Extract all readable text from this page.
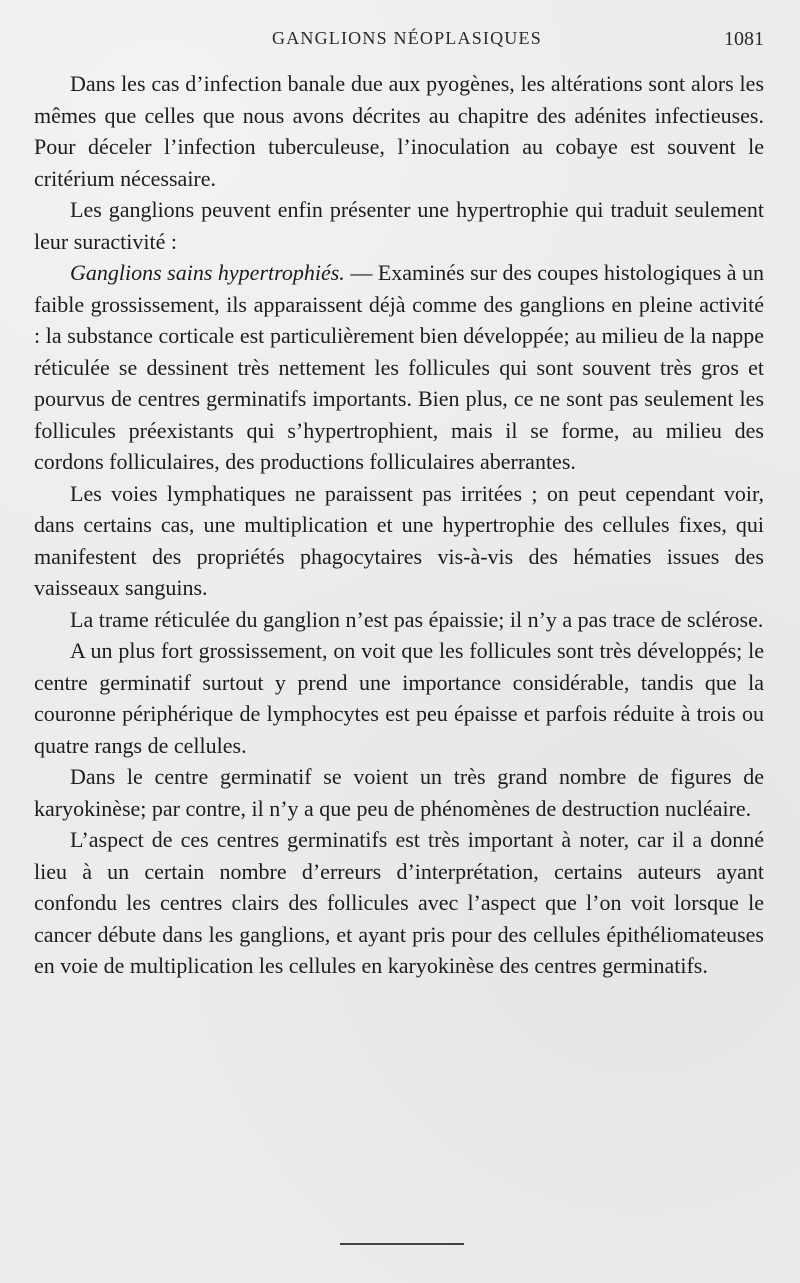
GANGLIONS NÉOPLASIQUES	1081

Dans les cas d’infection banale due aux pyogènes, les altérations sont alors les mêmes que celles que nous avons décrites au chapitre des adénites infectieuses. Pour déceler l’infection tuberculeuse, l’inoculation au cobaye est souvent le critérium nécessaire.

Les ganglions peuvent enfin présenter une hypertrophie qui traduit seulement leur suractivité :

Ganglions sains hypertrophiés. — Examinés sur des coupes histologiques à un faible grossissement, ils apparaissent déjà comme des ganglions en pleine activité : la substance corticale est particulièrement bien développée; au milieu de la nappe réticulée se dessinent très nettement les follicules qui sont souvent très gros et pourvus de centres germinatifs importants. Bien plus, ce ne sont pas seulement les follicules préexistants qui s’hypertrophient, mais il se forme, au milieu des cordons folliculaires, des productions folliculaires aberrantes.

Les voies lymphatiques ne paraissent pas irritées ; on peut cependant voir, dans certains cas, une multiplication et une hypertrophie des cellules fixes, qui manifestent des propriétés phagocytaires vis-à-vis des hématies issues des vaisseaux sanguins.

La trame réticulée du ganglion n’est pas épaissie; il n’y a pas trace de sclérose.

A un plus fort grossissement, on voit que les follicules sont très développés; le centre germinatif surtout y prend une importance considérable, tandis que la couronne périphérique de lymphocytes est peu épaisse et parfois réduite à trois ou quatre rangs de cellules.

Dans le centre germinatif se voient un très grand nombre de figures de karyokinèse; par contre, il n’y a que peu de phénomènes de destruction nucléaire.

L’aspect de ces centres germinatifs est très important à noter, car il a donné lieu à un certain nombre d’erreurs d’interprétation, certains auteurs ayant confondu les centres clairs des follicules avec l’aspect que l’on voit lorsque le cancer débute dans les ganglions, et ayant pris pour des cellules épithéliomateuses en voie de multiplication les cellules en karyokinèse des centres germinatifs.
